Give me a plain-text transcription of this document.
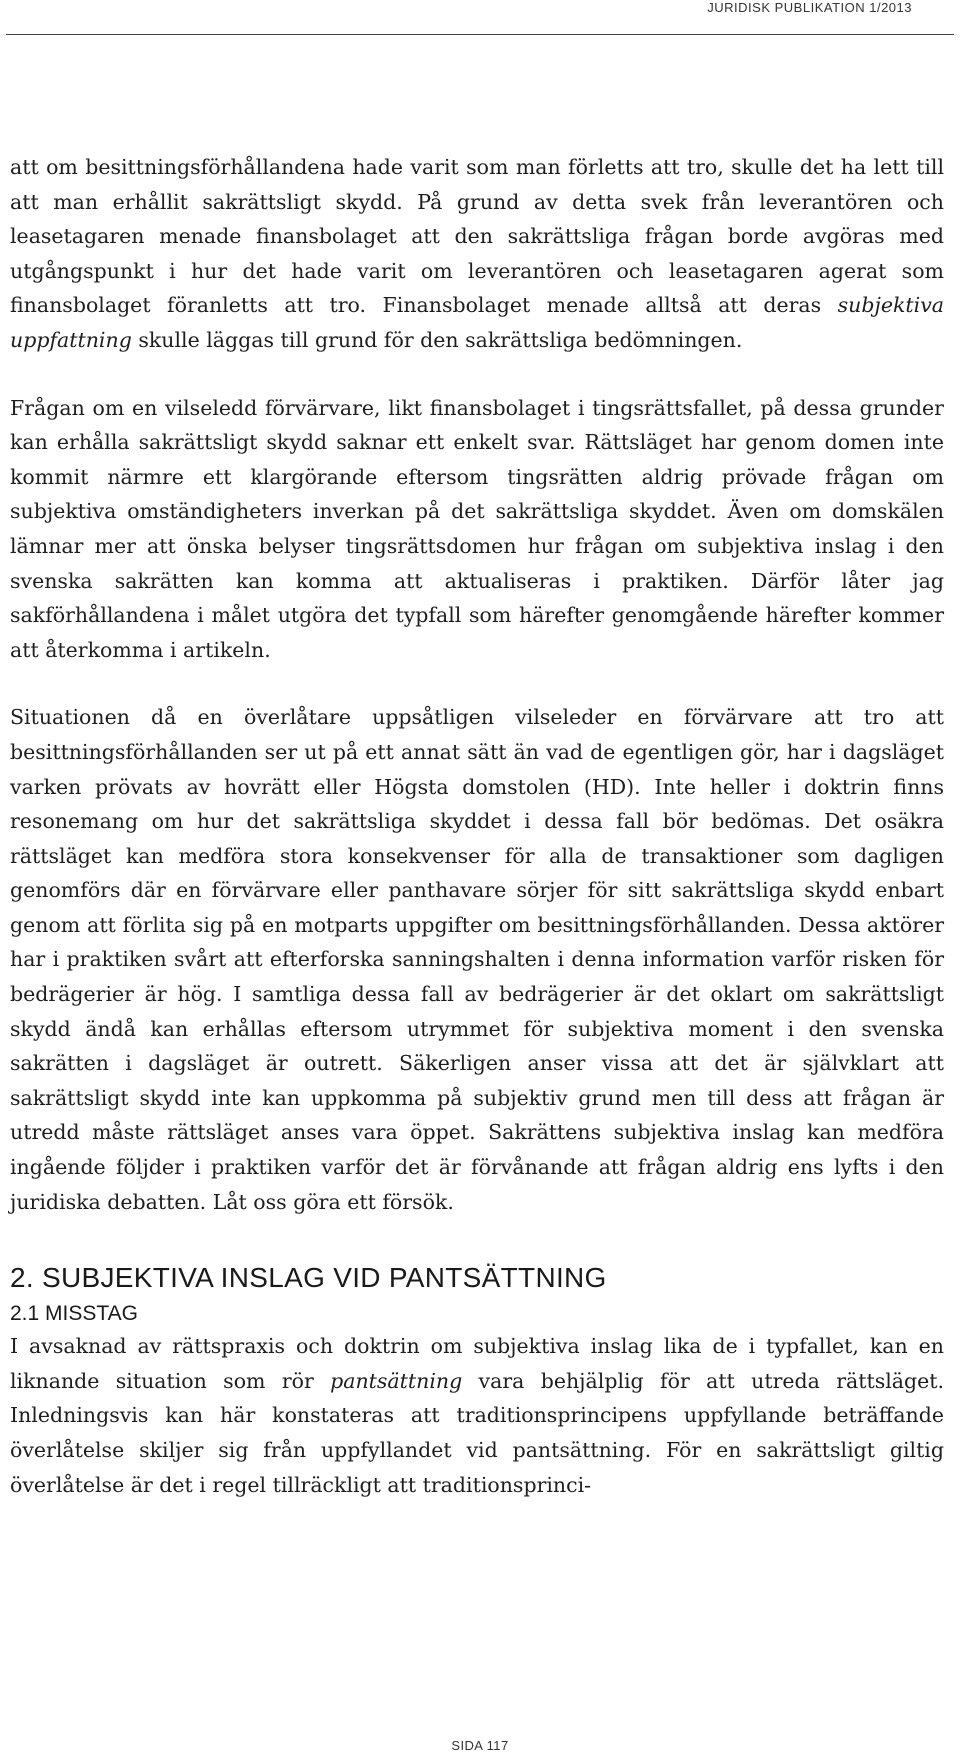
JURIDISK PUBLIKATION 1/2013

att om besittningsförhållandena hade varit som man förletts att tro, skulle det ha lett till att man erhållit sakrättsligt skydd. På grund av detta svek från leverantören och leasetagaren menade finansbolaget att den sakrättsliga frågan borde avgöras med utgångspunkt i hur det hade varit om leverantören och leasetagaren agerat som finansbolaget föranletts att tro. Finansbolaget menade alltså att deras subjektiva uppfattning skulle läggas till grund för den sakrättsliga bedömningen.

Frågan om en vilseledd förvärvare, likt finansbolaget i tingsrättsfallet, på dessa grunder kan erhålla sakrättsligt skydd saknar ett enkelt svar. Rättsläget har genom domen inte kommit närmre ett klargörande eftersom tingsrätten aldrig prövade frågan om subjektiva omständigheters inverkan på det sakrättsliga skyddet. Även om domskälen lämnar mer att önska belyser tingsrättsdomen hur frågan om subjektiva inslag i den svenska sakrätten kan komma att aktualiseras i praktiken. Därför låter jag sakförhållandena i målet utgöra det typfall som härefter genomgående härefter kommer att återkomma i artikeln.

Situationen då en överlåtare uppsåtligen vilseleder en förvärvare att tro att besittningsförhållanden ser ut på ett annat sätt än vad de egentligen gör, har i dagsläget varken prövats av hovrätt eller Högsta domstolen (HD). Inte heller i doktrin finns resonemang om hur det sakrättsliga skyddet i dessa fall bör bedömas. Det osäkra rättsläget kan medföra stora konsekvenser för alla de transaktioner som dagligen genomförs där en förvärvare eller panthavare sörjer för sitt sakrättsliga skydd enbart genom att förlita sig på en motparts uppgifter om besittningsförhållanden. Dessa aktörer har i praktiken svårt att efterforska sanningshalten i denna information varför risken för bedrägerier är hög. I samtliga dessa fall av bedrägerier är det oklart om sakrättsligt skydd ändå kan erhållas eftersom utrymmet för subjektiva moment i den svenska sakrätten i dagsläget är outrett. Säkerligen anser vissa att det är självklart att sakrättsligt skydd inte kan uppkomma på subjektiv grund men till dess att frågan är utredd måste rättsläget anses vara öppet. Sakrättens subjektiva inslag kan medföra ingående följder i praktiken varför det är förvånande att frågan aldrig ens lyfts i den juridiska debatten. Låt oss göra ett försök.

2. SUBJEKTIVA INSLAG VID PANTSÄTTNING
2.1 MISSTAG

I avsaknad av rättspraxis och doktrin om subjektiva inslag lika de i typfallet, kan en liknande situation som rör pantsättning vara behjälplig för att utreda rättsläget. Inledningsvis kan här konstateras att traditionsprincipens uppfyllande beträffande överlåtelse skiljer sig från uppfyllandet vid pantsättning. För en sakrättsligt giltig överlåtelse är det i regel tillräckligt att traditionsprinci-

SIDA 117
